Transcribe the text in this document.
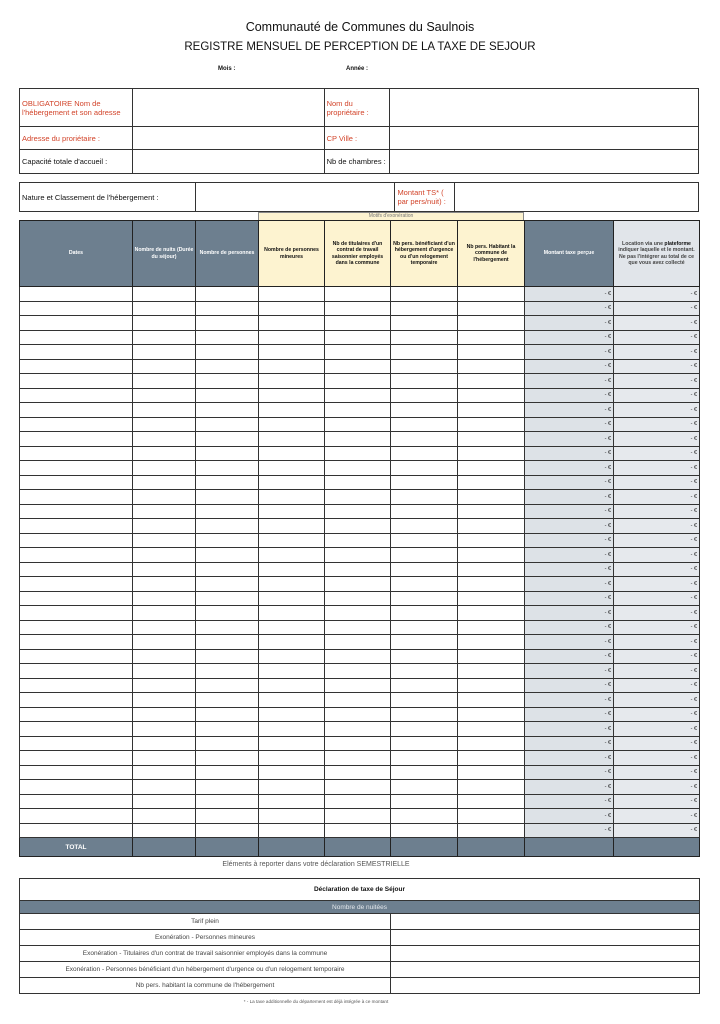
Communauté de Communes du Saulnois
REGISTRE MENSUEL DE PERCEPTION DE LA TAXE DE SEJOUR
Mois :	Année :
OBLIGATOIRE Nom de l'hébergement et son adresse		Nom du propriétaire :	
Adresse du proriétaire :		CP Ville :	
Capacité totale d'accueil :		Nb de chambres :	
Nature et Classement de l'hébergement :		Montant TS* ( par pers/nuit) :	
Motifs d'exonération
Dates	Nombre de nuits (Durée du séjour)	Nombre de personnes	Nombre de personnes mineures	Nb de titulaires d'un contrat de travail saisonnier employés dans la commune	Nb pers. bénéficiant d'un hébergement d'urgence ou d'un relogement temporaire	Nb pers. Habitant la commune de l'hébergement	Montant taxe perçue	Location via une plateforme indiquer laquelle et le montant. Ne pas l'intégrer au total de ce que vous avez collecté
							- €	- €
							- €	- €
							- €	- €
							- €	- €
							- €	- €
							- €	- €
							- €	- €
							- €	- €
							- €	- €
							- €	- €
							- €	- €
							- €	- €
							- €	- €
							- €	- €
							- €	- €
							- €	- €
							- €	- €
							- €	- €
							- €	- €
							- €	- €
							- €	- €
							- €	- €
							- €	- €
							- €	- €
							- €	- €
							- €	- €
							- €	- €
							- €	- €
							- €	- €
							- €	- €
							- €	- €
							- €	- €
							- €	- €
							- €	- €
							- €	- €
							- €	- €
							- €	- €
							- €	- €
TOTAL								
Eléments à reporter dans votre déclaration SEMESTRIELLE
Déclaration de taxe de Séjour	
Nombre de nuitées	
Tarif plein	
Exonération - Personnes mineures	
Exonération - Titulaires d'un contrat de travail saisonnier employés dans la commune	
Exonération - Personnes bénéficiant d'un hébergement d'urgence ou d'un relogement temporaire	
Nb pers. habitant la commune de l'hébergement	
* - La taxe additionnelle du département est déjà intégrée à ce montant
